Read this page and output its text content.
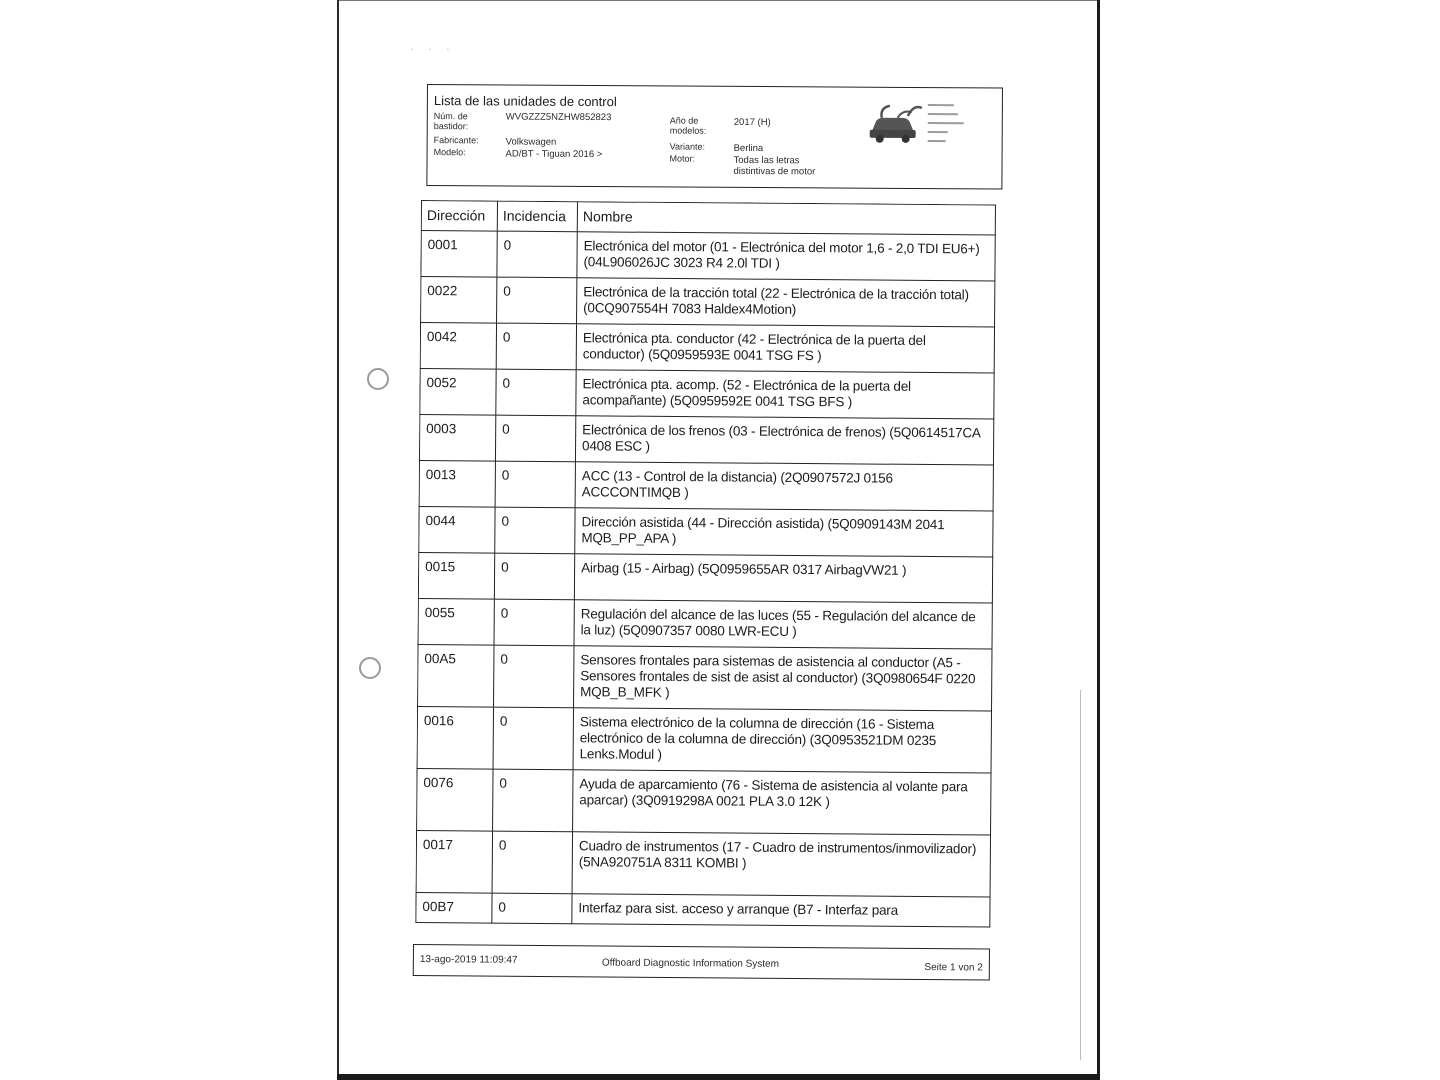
· · ·
Lista de las unidades de control
Núm. de bastidor:
WVGZZZ5NZHW852823
Fabricante:	Volkswagen
Modelo:	AD/BT - Tiguan 2016 >
Año de modelos:
2017 (H)
Variante:	Berlina
Motor:	Todas las letras distintivas de motor
Dirección	Incidencia	Nombre
0001	0	Electrónica del motor (01 - Electrónica del motor 1,6 - 2,0 TDI EU6+) (04L906026JC 3023 R4 2.0l TDI )
0022	0	Electrónica de la tracción total (22 - Electrónica de la tracción total) (0CQ907554H 7083 Haldex4Motion)
0042	0	Electrónica pta. conductor (42 - Electrónica de la puerta del conductor) (5Q0959593E 0041 TSG FS )
0052	0	Electrónica pta. acomp. (52 - Electrónica de la puerta del acompañante) (5Q0959592E 0041 TSG BFS )
0003	0	Electrónica de los frenos (03 - Electrónica de frenos) (5Q0614517CA 0408 ESC )
0013	0	ACC (13 - Control de la distancia) (2Q0907572J 0156 ACCCONTIMQB )
0044	0	Dirección asistida (44 - Dirección asistida) (5Q0909143M 2041 MQB_PP_APA )
0015	0	Airbag (15 - Airbag) (5Q0959655AR 0317 AirbagVW21 )
0055	0	Regulación del alcance de las luces (55 - Regulación del alcance de la luz) (5Q0907357 0080 LWR-ECU )
00A5	0	Sensores frontales para sistemas de asistencia al conductor (A5 - Sensores frontales de sist de asist al conductor) (3Q0980654F 0220 MQB_B_MFK )
0016	0	Sistema electrónico de la columna de dirección (16 - Sistema electrónico de la columna de dirección) (3Q0953521DM 0235 Lenks.Modul )
0076	0	Ayuda de aparcamiento (76 - Sistema de asistencia al volante para aparcar) (3Q0919298A 0021 PLA 3.0 12K )
0017	0	Cuadro de instrumentos (17 - Cuadro de instrumentos/inmovilizador) (5NA920751A 8311 KOMBI )
00B7	0	Interfaz para sist. acceso y arranque (B7 - Interfaz para
13-ago-2019 11:09:47	Offboard Diagnostic Information System	Seite 1 von 2
